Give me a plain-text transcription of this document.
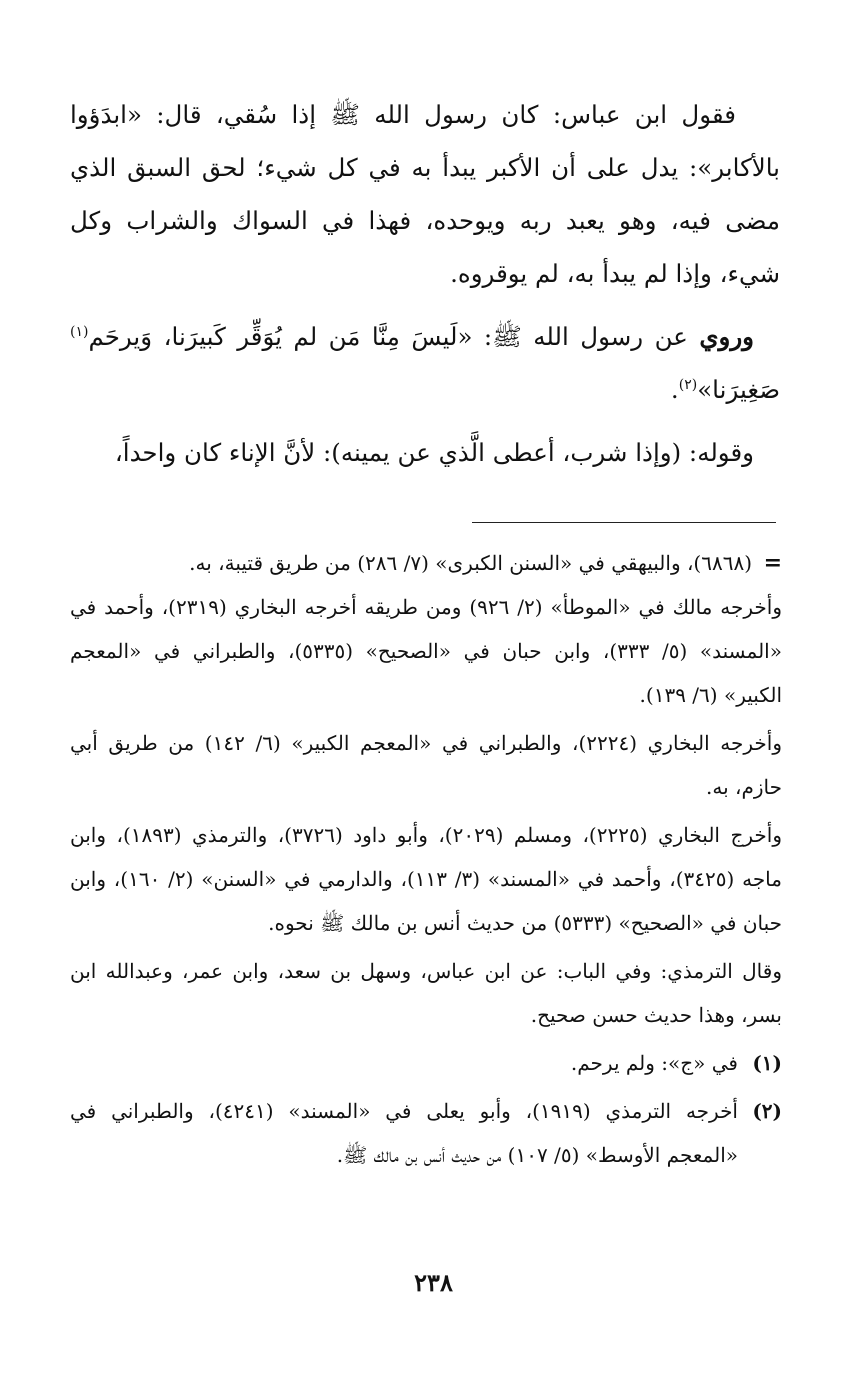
فقول ابن عباس: كان رسول الله ﷺ إذا سُقي، قال: «ابدَؤوا بالأكابر»: يدل على أن الأكبر يبدأ به في كل شيء؛ لحق السبق الذي مضى فيه، وهو يعبد ربه ويوحده، فهذا في السواك والشراب وكل شيء، وإذا لم يبدأ به، لم يوقروه.

وروي عن رسول الله ﷺ: «لَيسَ مِنَّا مَن لم يُوَقِّر كَبيرَنا، وَيرحَم$^{(١)}$ صَغِيرَنا»$^{(٢)}$.

وقوله: (وإذا شرب، أعطى الَّذي عن يمينه): لأنَّ الإناء كان واحداً،

=
(٦٨٦٨)، والبيهقي في «السنن الكبرى» (٧/ ٢٨٦) من طريق قتيبة، به.

وأخرجه مالك في «الموطأ» (٢/ ٩٢٦) ومن طريقه أخرجه البخاري (٢٣١٩)، وأحمد في «المسند» (٥/ ٣٣٣)، وابن حبان في «الصحيح» (٥٣٣٥)، والطبراني في «المعجم الكبير» (٦/ ١٣٩).

وأخرجه البخاري (٢٢٢٤)، والطبراني في «المعجم الكبير» (٦/ ١٤٢) من طريق أبي حازم، به.

وأخرج البخاري (٢٢٢٥)، ومسلم (٢٠٢٩)، وأبو داود (٣٧٢٦)، والترمذي (١٨٩٣)، وابن ماجه (٣٤٢٥)، وأحمد في «المسند» (٣/ ١١٣)، والدارمي في «السنن» (٢/ ١٦٠)، وابن حبان في «الصحيح» (٥٣٣٣) من حديث أنس بن مالك ﷺ نحوه.

وقال الترمذي: وفي الباب: عن ابن عباس، وسهل بن سعد، وابن عمر، وعبدالله ابن بسر، وهذا حديث حسن صحيح.

(١)
في «ج»: ولم يرحم.
(٢)
أخرجه الترمذي (١٩١٩)، وأبو يعلى في «المسند» (٤٢٤١)، والطبراني في «المعجم الأوسط» (٥/ ١٠٧) من حديث أنس بن مالك ﷺ.
٢٣٨
